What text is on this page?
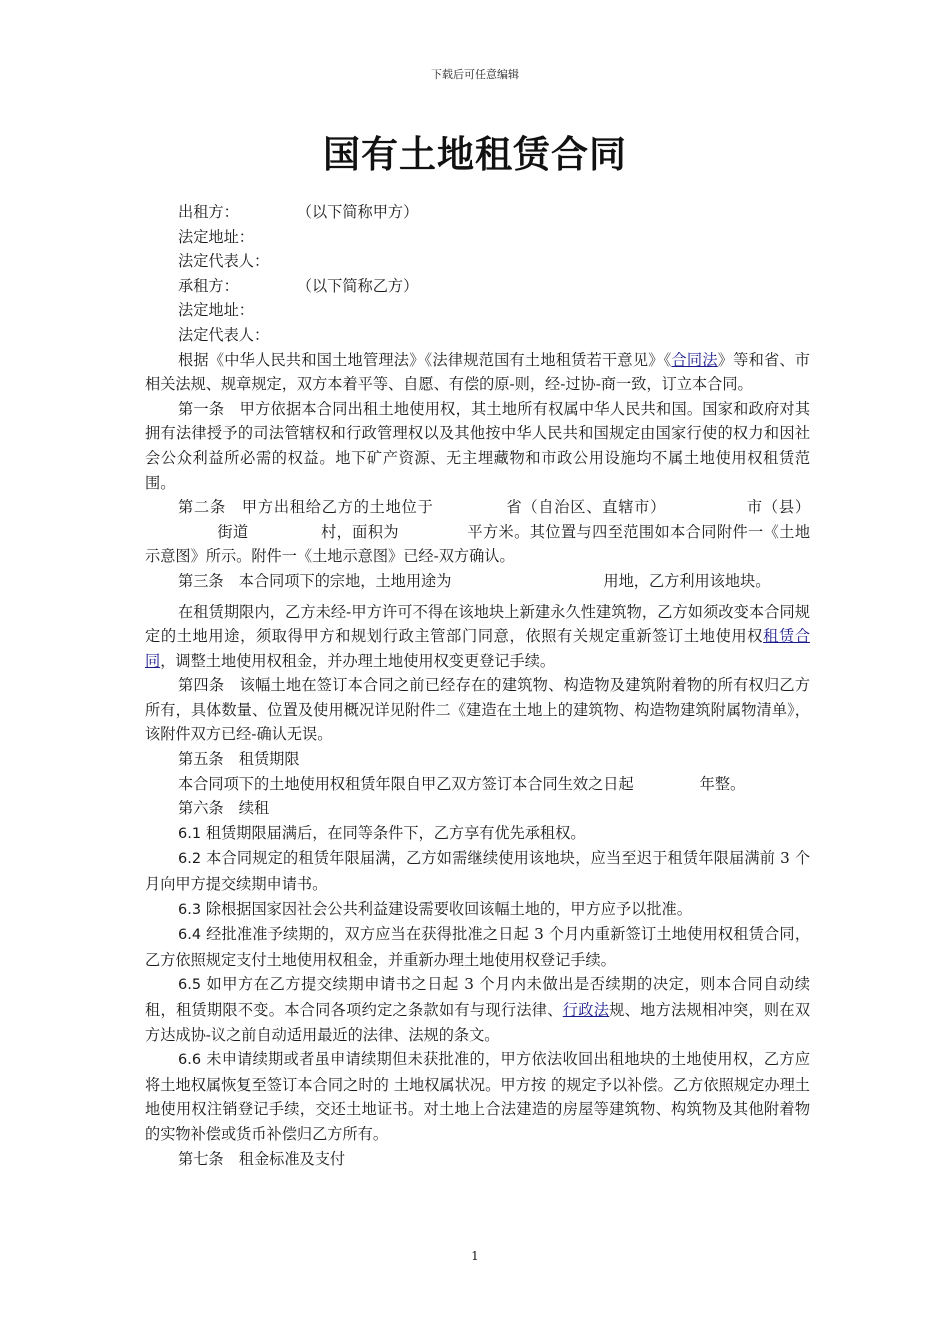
下载后可任意编辑
国有土地租赁合同

出租方：	（以下简称甲方）

法定地址：

法定代表人：

承租方：	（以下简称乙方）

法定地址：

法定代表人：

根据《中华人民共和国土地管理法》《法律规范国有土地租赁若干意见》《合同法》等和省、市相关法规、规章规定，双方本着平等、自愿、有偿的原-则，经-过协-商一致，订立本合同。

第一条　甲方依据本合同出租土地使用权，其土地所有权属中华人民共和国。国家和政府对其拥有法律授予的司法管辖权和行政管理权以及其他按中华人民共和国规定由国家行使的权力和因社会公众利益所必需的权益。地下矿产资源、无主埋藏物和市政公用设施均不属土地使用权租赁范围。

第二条　甲方出租给乙方的土地位于	省（自治区、直辖市）	市（县）街道	村，面积为	平方米。其位置与四至范围如本合同附件一《土地示意图》所示。附件一《土地示意图》已经-双方确认。

第三条　本合同项下的宗地，土地用途为	用地，乙方利用该地块。

在租赁期限内，乙方未经-甲方许可不得在该地块上新建永久性建筑物，乙方如须改变本合同规定的土地用途，须取得甲方和规划行政主管部门同意，依照有关规定重新签订土地使用权租赁合同，调整土地使用权租金，并办理土地使用权变更登记手续。

第四条　该幅土地在签订本合同之前已经存在的建筑物、构造物及建筑附着物的所有权归乙方所有，具体数量、位置及使用概况详见附件二《建造在土地上的建筑物、构造物建筑附属物清单》，该附件双方已经-确认无误。

第五条　租赁期限

本合同项下的土地使用权租赁年限自甲乙双方签订本合同生效之日起	年整。

第六条　续租

6.1 租赁期限届满后，在同等条件下，乙方享有优先承租权。

6.2 本合同规定的租赁年限届满，乙方如需继续使用该地块，应当至迟于租赁年限届满前 3 个月向甲方提交续期申请书。

6.3 除根据国家因社会公共利益建设需要收回该幅土地的，甲方应予以批准。

6.4 经批准准予续期的，双方应当在获得批准之日起 3 个月内重新签订土地使用权租赁合同，乙方依照规定支付土地使用权租金，并重新办理土地使用权登记手续。

6.5 如甲方在乙方提交续期申请书之日起 3 个月内未做出是否续期的决定，则本合同自动续租，租赁期限不变。本合同各项约定之条款如有与现行法律、行政法规、地方法规相冲突，则在双方达成协-议之前自动适用最近的法律、法规的条文。

6.6 未申请续期或者虽申请续期但未获批准的，甲方依法收回出租地块的土地使用权，乙方应将土地权属恢复至签订本合同之时的 土地权属状况。甲方按 的规定予以补偿。乙方依照规定办理土地使用权注销登记手续，交还土地证书。对土地上合法建造的房屋等建筑物、构筑物及其他附着物的实物补偿或货币补偿归乙方所有。

第七条　租金标准及支付

1
